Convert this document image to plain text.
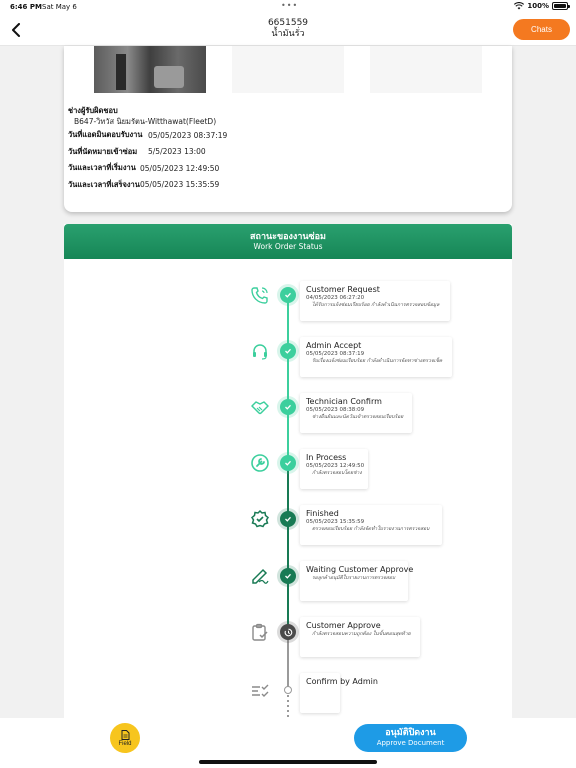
6:46 PM Sat May 6	•••	100%
6651559
น้ำมันรั่ว	Chats
ช่างผู้รับผิดชอบ
B647-วิทวัส นิยมรัตน-Witthawat(FleetD)
วันที่แอดมินตอบรับงาน 05/05/2023 08:37:19
วันที่นัดหมายเข้าซ่อม	5/5/2023 13:00
วันและเวลาที่เริ่มงาน 05/05/2023 12:49:50
วันและเวลาที่เสร็จงาน 05/05/2023 15:35:59
สถานะของงานซ่อม
Work Order Status
Customer Request
04/05/2023 06:27:20
ได้รับการแจ้งซ่อมเรียบร้อย กำลังดำเนินการตรวจสอบข้อมูล
Admin Accept
05/05/2023 08:37:19
รับเรื่องแจ้งซ่อมเรียบร้อย กำลังดำเนินการจัดหาช่างตรวจเช็ค
Technician Confirm
05/05/2023 08:38:09
ช่างยืนยันและนัดวันเข้าตรวจสอบเรียบร้อย
In Process
05/05/2023 12:49:50
กำลังตรวจสอบโดยช่าง
Finished
05/05/2023 15:35:59
ตรวจสอบเรียบร้อย กำลังจัดทำใบรายงานการตรวจสอบ
Waiting Customer Approve
รอลูกค้าอนุมัติใบรายงานการตรวจสอบ
Customer Approve
กำลังตรวจสอบความถูกต้อง ในขั้นตอนสุดท้าย
Confirm by Admin
Field
อนุมัติปิดงาน
Approve Document
